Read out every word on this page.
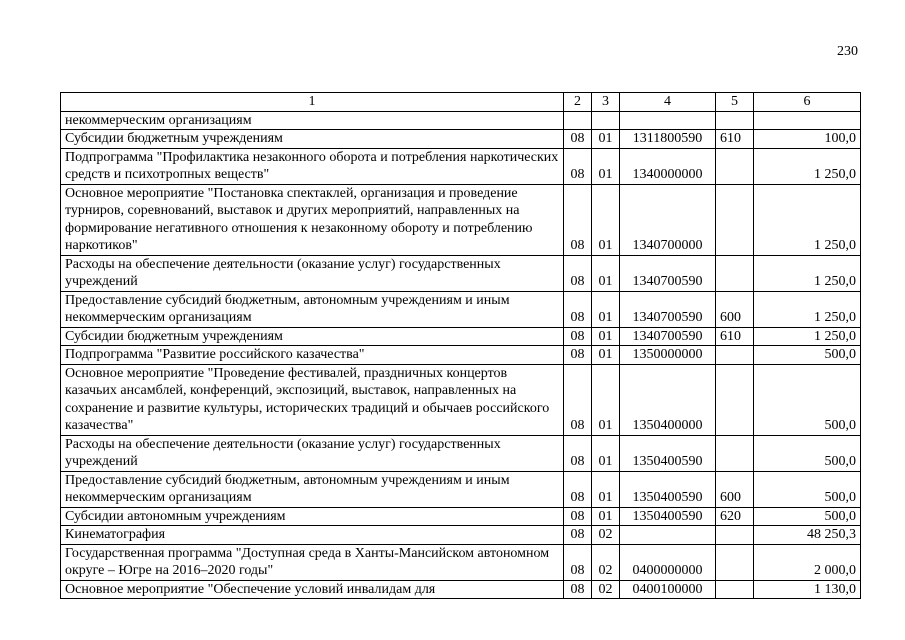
230
1	2	3	4	5	6
некоммерческим организациям					
Субсидии бюджетным учреждениям	08	01	1311800590	610	100,0
Подпрограмма "Профилактика незаконного оборота и потребления наркотических средств и психотропных веществ"	08	01	1340000000		1 250,0
Основное мероприятие "Постановка спектаклей, организация и проведение турниров, соревнований, выставок и других мероприятий, направленных на формирование негативного отношения к незаконному обороту и потреблению наркотиков"	08	01	1340700000		1 250,0
Расходы на обеспечение деятельности (оказание услуг) государственных учреждений	08	01	1340700590		1 250,0
Предоставление субсидий бюджетным, автономным учреждениям и иным некоммерческим организациям	08	01	1340700590	600	1 250,0
Субсидии бюджетным учреждениям	08	01	1340700590	610	1 250,0
Подпрограмма "Развитие российского казачества"	08	01	1350000000		500,0
Основное мероприятие "Проведение фестивалей, праздничных концертов казачьих ансамблей, конференций, экспозиций, выставок, направленных на сохранение и развитие культуры, исторических традиций и обычаев российского казачества"	08	01	1350400000		500,0
Расходы на обеспечение деятельности (оказание услуг) государственных учреждений	08	01	1350400590		500,0
Предоставление субсидий бюджетным, автономным учреждениям и иным некоммерческим организациям	08	01	1350400590	600	500,0
Субсидии автономным учреждениям	08	01	1350400590	620	500,0
Кинематография	08	02			48 250,3
Государственная программа "Доступная среда в Ханты-Мансийском автономном округе – Югре на 2016–2020 годы"	08	02	0400000000		2 000,0
Основное мероприятие "Обеспечение условий инвалидам для	08	02	0400100000		1 130,0
